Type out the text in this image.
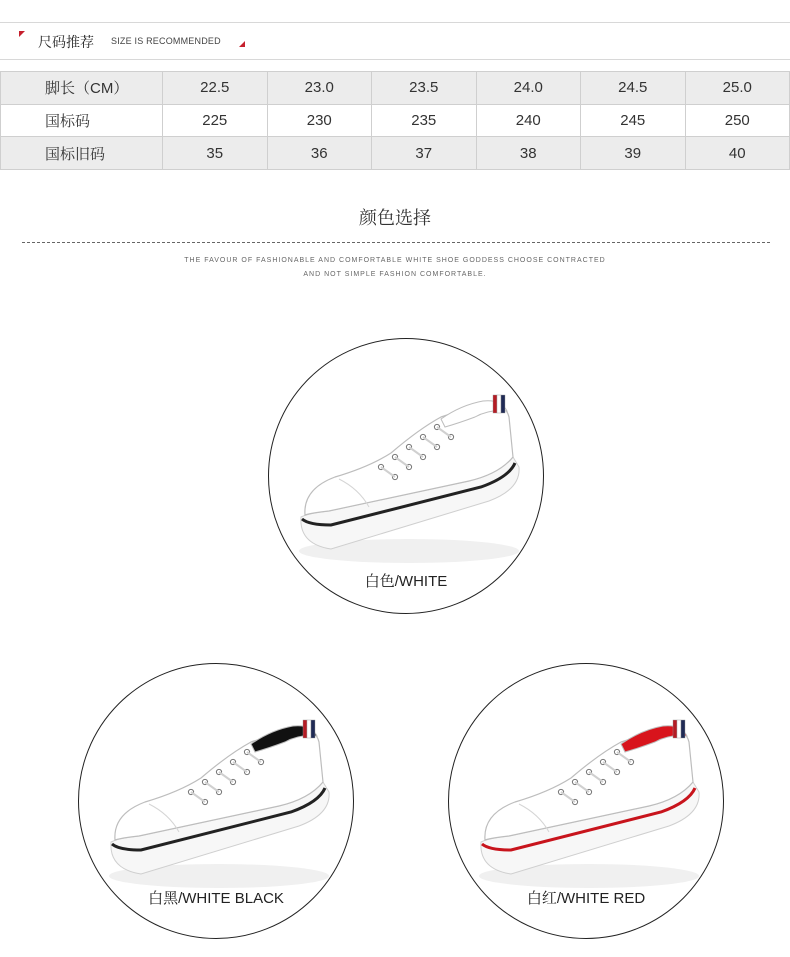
尺码推荐 SIZE IS RECOMMENDED
脚长（CM）	22.5	23.0	23.5	24.0	24.5	25.0
国标码	225	230	235	240	245	250
国标旧码	35	36	37	38	39	40
颜色选择
THE FAVOUR OF FASHIONABLE AND COMFORTABLE WHITE SHOE GODDESS CHOOSE CONTRACTED
AND NOT SIMPLE FASHION COMFORTABLE.
白色/WHITE
白黑/WHITE BLACK	白红/WHITE RED
